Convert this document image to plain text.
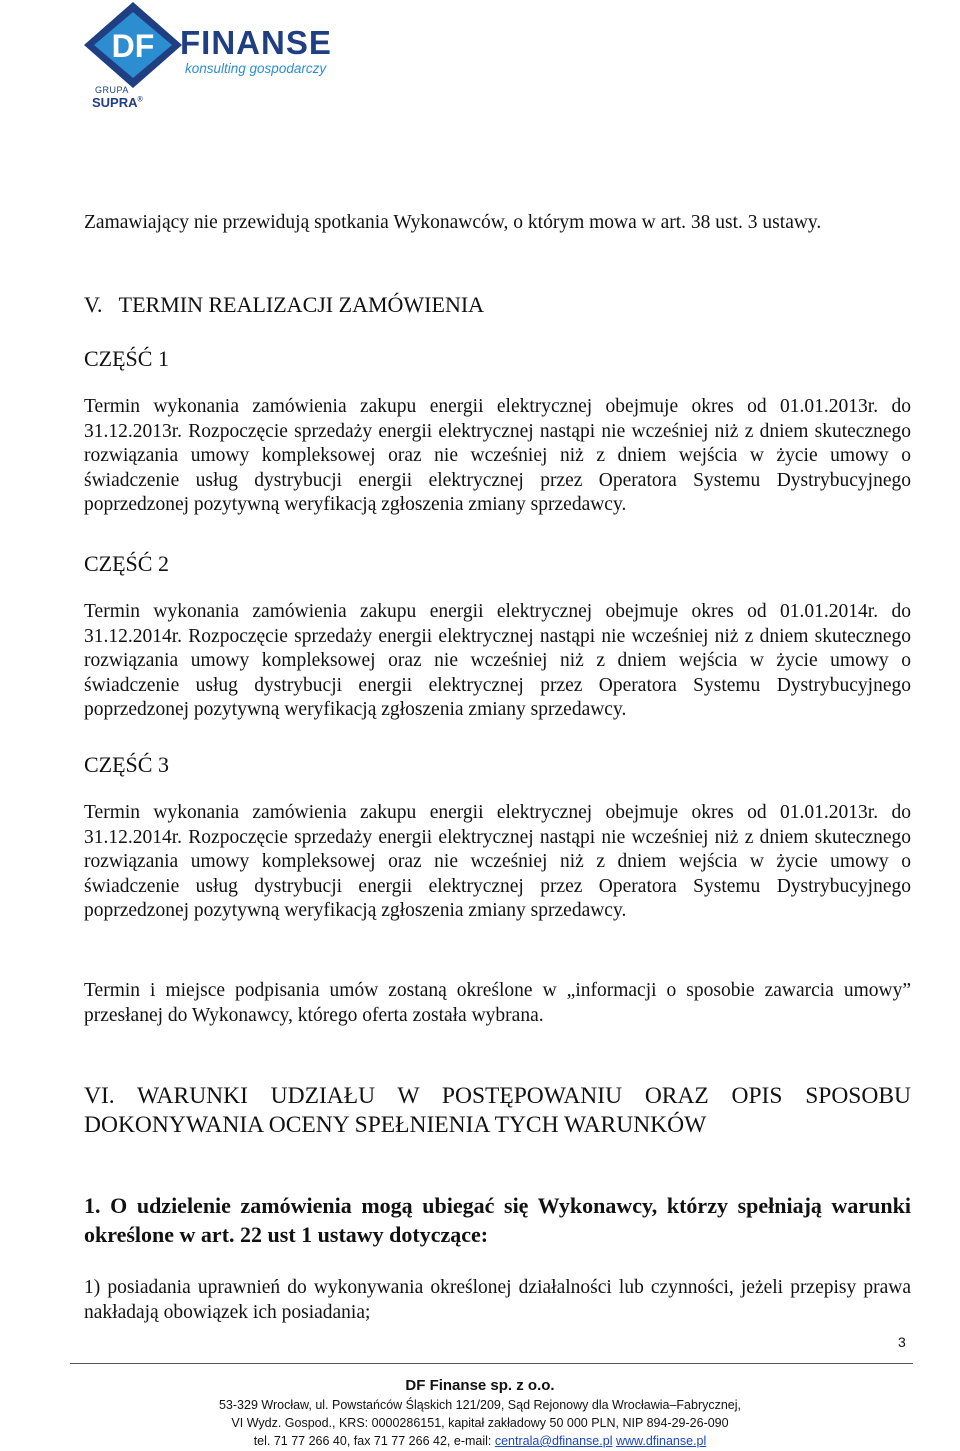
DF FINANSE
konsulting gospodarczy
GRUPA
SUPRA®

Zamawiający nie przewidują spotkania Wykonawców, o którym mowa w art. 38 ust. 3 ustawy.

V.   TERMIN REALIZACJI ZAMÓWIENIA
CZĘŚĆ 1

Termin wykonania zamówienia zakupu energii elektrycznej obejmuje okres od 01.01.2013r. do 31.12.2013r. Rozpoczęcie sprzedaży energii elektrycznej nastąpi nie wcześniej niż z dniem skutecznego rozwiązania umowy kompleksowej oraz nie wcześniej niż z dniem wejścia w życie umowy o świadczenie usług dystrybucji energii elektrycznej przez Operatora Systemu Dystrybucyjnego poprzedzonej pozytywną weryfikacją zgłoszenia zmiany sprzedawcy.

CZĘŚĆ 2

Termin wykonania zamówienia zakupu energii elektrycznej obejmuje okres od 01.01.2014r. do 31.12.2014r. Rozpoczęcie sprzedaży energii elektrycznej nastąpi nie wcześniej niż z dniem skutecznego rozwiązania umowy kompleksowej oraz nie wcześniej niż z dniem wejścia w życie umowy o świadczenie usług dystrybucji energii elektrycznej przez Operatora Systemu Dystrybucyjnego poprzedzonej pozytywną weryfikacją zgłoszenia zmiany sprzedawcy.

CZĘŚĆ 3

Termin wykonania zamówienia zakupu energii elektrycznej obejmuje okres od 01.01.2013r. do 31.12.2014r. Rozpoczęcie sprzedaży energii elektrycznej nastąpi nie wcześniej niż z dniem skutecznego rozwiązania umowy kompleksowej oraz nie wcześniej niż z dniem wejścia w życie umowy o świadczenie usług dystrybucji energii elektrycznej przez Operatora Systemu Dystrybucyjnego poprzedzonej pozytywną weryfikacją zgłoszenia zmiany sprzedawcy.

Termin i miejsce podpisania umów zostaną określone w „informacji o sposobie zawarcia umowy” przesłanej do Wykonawcy, którego oferta została wybrana.

VI. WARUNKI UDZIAŁU W POSTĘPOWANIU ORAZ OPIS SPOSOBU DOKONYWANIA OCENY SPEŁNIENIA TYCH WARUNKÓW
1. O udzielenie zamówienia mogą ubiegać się Wykonawcy, którzy spełniają warunki określone w art. 22 ust 1 ustawy dotyczące:

1) posiadania uprawnień do wykonywania określonej działalności lub czynności, jeżeli przepisy prawa nakładają obowiązek ich posiadania;

3
DF Finanse sp. z o.o.
53-329 Wrocław, ul. Powstańców Śląskich 121/209, Sąd Rejonowy dla Wrocławia–Fabrycznej,
VI Wydz. Gospod., KRS: 0000286151, kapitał zakładowy 50 000 PLN, NIP 894-29-26-090
tel. 71 77 266 40, fax 71 77 266 42, e-mail: centrala@dfinanse.pl www.dfinanse.pl
